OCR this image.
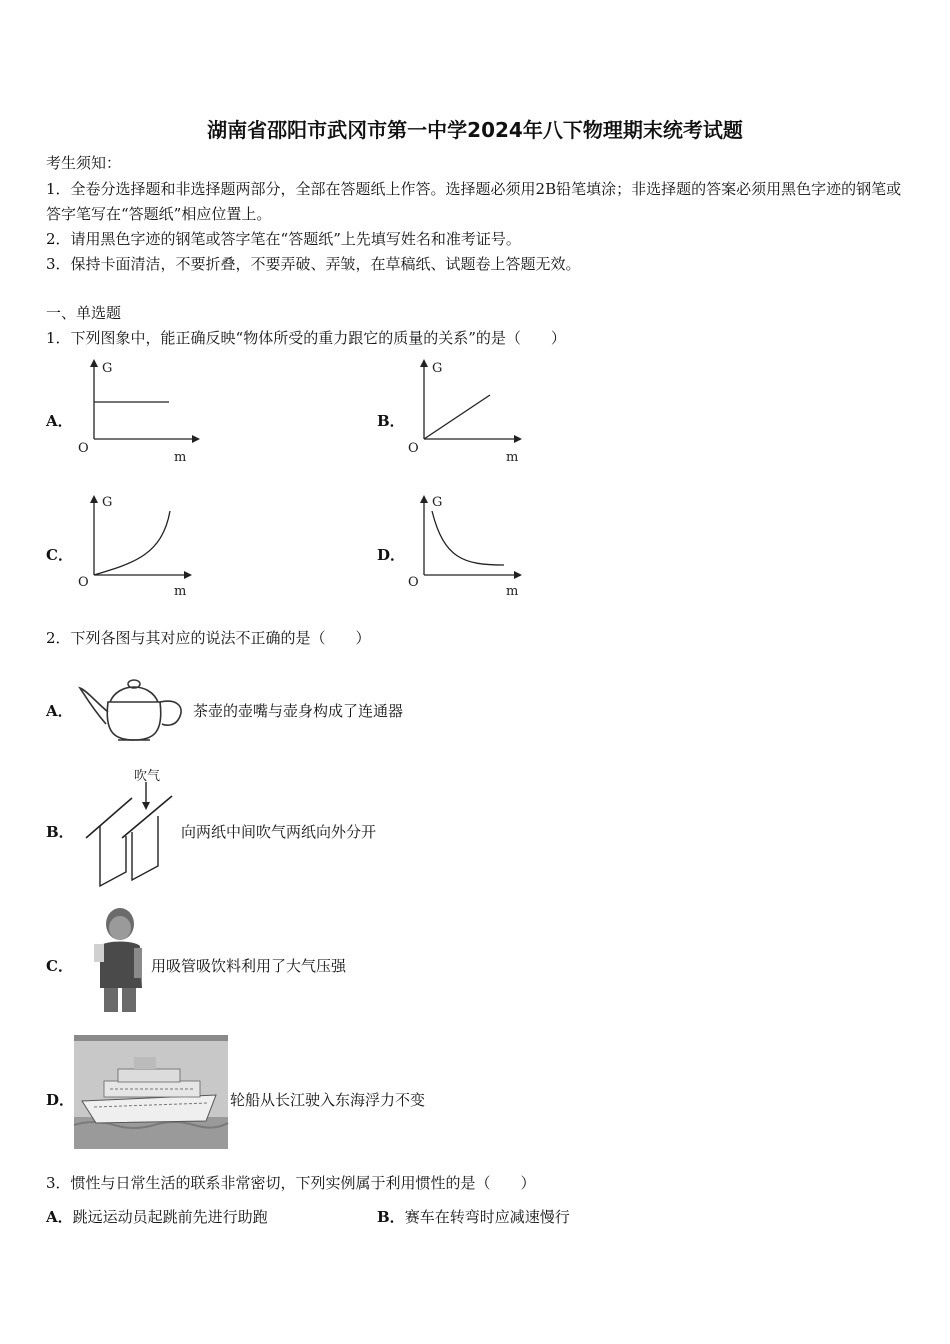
湖南省邵阳市武冈市第一中学2024年八下物理期末统考试题
考生须知：
1．全卷分选择题和非选择题两部分，全部在答题纸上作答。选择题必须用2B铅笔填涂；非选择题的答案必须用黑色字迹的钢笔或答字笔写在“答题纸”相应位置上。
2．请用黑色字迹的钢笔或答字笔在“答题纸”上先填写姓名和准考证号。
3．保持卡面清洁，不要折叠，不要弄破、弄皱，在草稿纸、试题卷上答题无效。
一、单选题
1．下列图象中，能正确反映“物体所受的重力跟它的质量的关系”的是（　　）
A．
G
O
m
B．
G
O
m
C．
G
O
m
D．
G
O
m
2．下列各图与其对应的说法不正确的是（　　）
A．	茶壶的壶嘴与壶身构成了连通器
B．
吹气
向两纸中间吹气两纸向外分开
C．	用吸管吸饮料利用了大气压强
D．	轮船从长江驶入东海浮力不变
3．惯性与日常生活的联系非常密切，下列实例属于利用惯性的是（　　）
A．跳远运动员起跳前先进行助跑	B．赛车在转弯时应减速慢行
